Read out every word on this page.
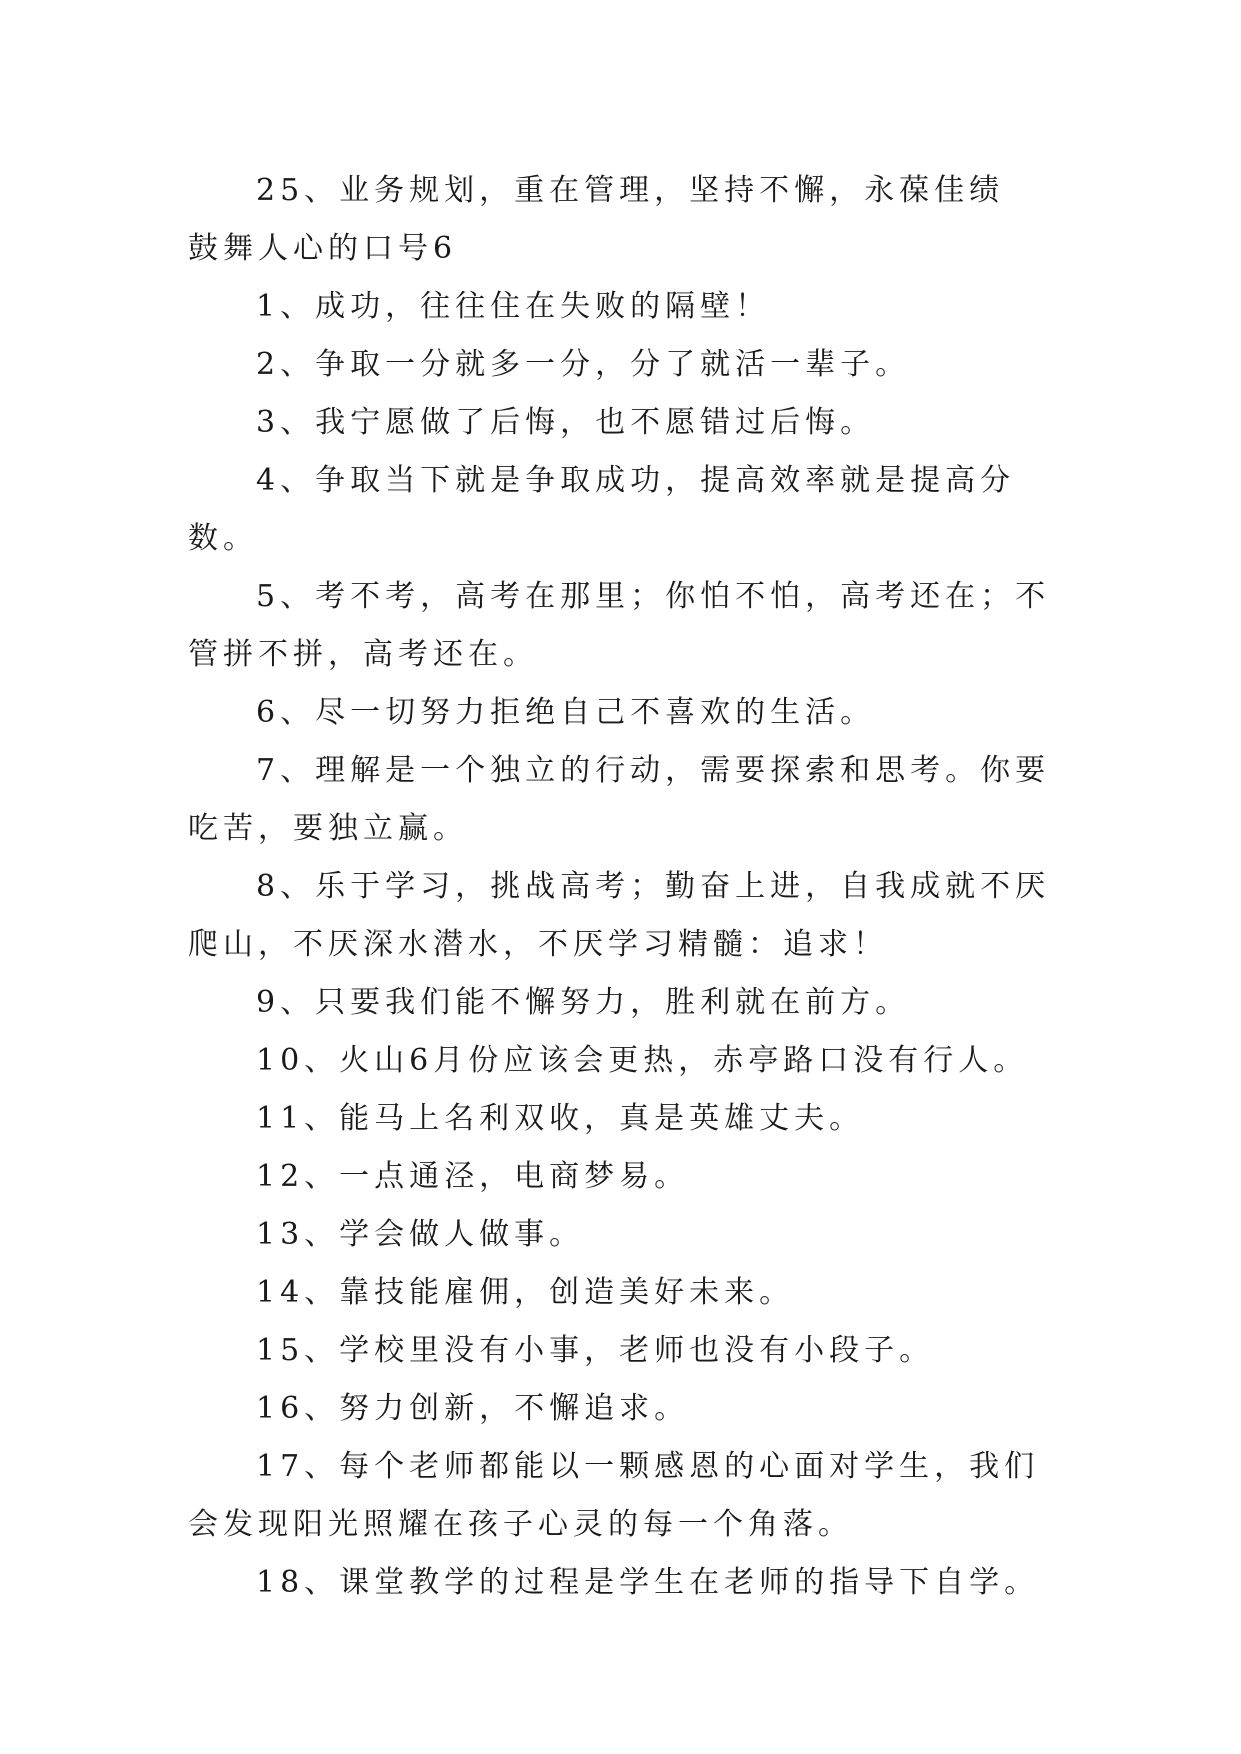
25、业务规划，重在管理，坚持不懈，永葆佳绩

鼓舞人心的口号6

1、成功，往往住在失败的隔壁！

2、争取一分就多一分，分了就活一辈子。

3、我宁愿做了后悔，也不愿错过后悔。

4、争取当下就是争取成功，提高效率就是提高分数。

5、考不考，高考在那里；你怕不怕，高考还在；不管拼不拼，高考还在。

6、尽一切努力拒绝自己不喜欢的生活。

7、理解是一个独立的行动，需要探索和思考。你要吃苦，要独立赢。

8、乐于学习，挑战高考；勤奋上进，自我成就不厌爬山，不厌深水潜水，不厌学习精髓：追求！

9、只要我们能不懈努力，胜利就在前方。

10、火山6月份应该会更热，赤亭路口没有行人。

11、能马上名利双收，真是英雄丈夫。

12、一点通泾，电商梦易。

13、学会做人做事。

14、靠技能雇佣，创造美好未来。

15、学校里没有小事，老师也没有小段子。

16、努力创新，不懈追求。

17、每个老师都能以一颗感恩的心面对学生，我们会发现阳光照耀在孩子心灵的每一个角落。

18、课堂教学的过程是学生在老师的指导下自学。
